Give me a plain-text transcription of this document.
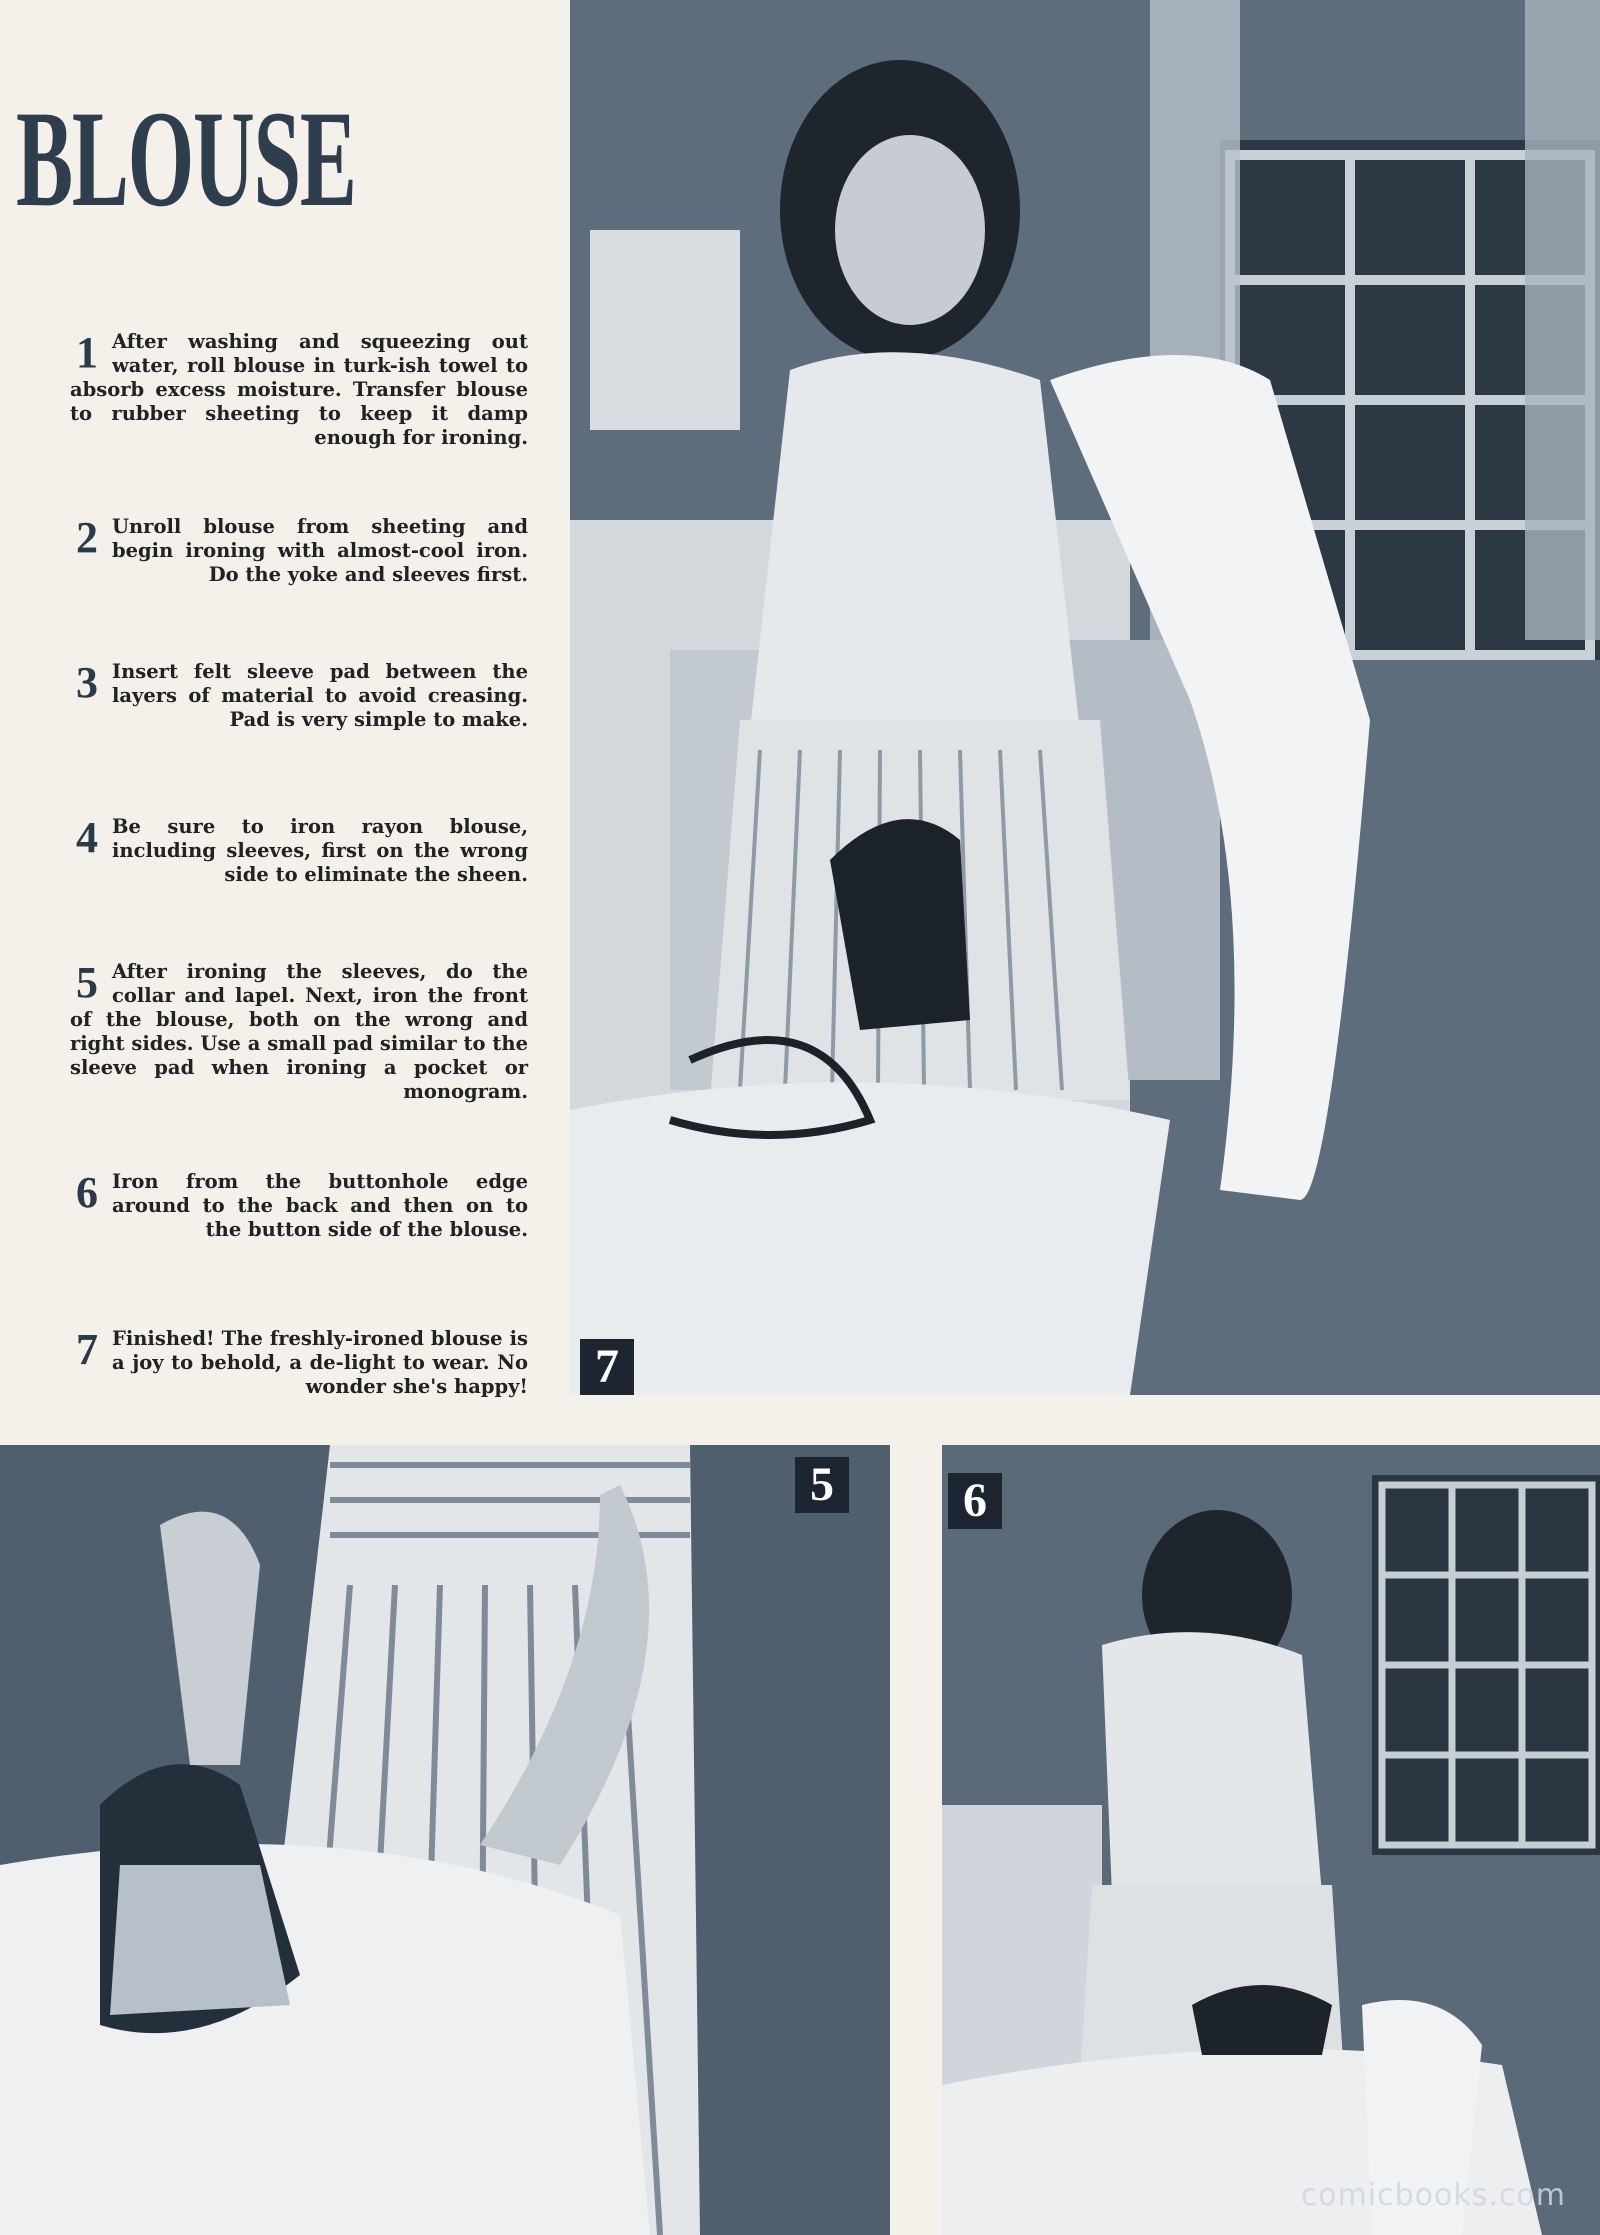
BLOUSE
1 After washing and squeezing out water, roll blouse in turk-ish towel to absorb excess moisture. Transfer blouse to rubber sheeting to keep it damp enough for ironing.
2 Unroll blouse from sheeting and begin ironing with almost-cool iron. Do the yoke and sleeves first.
3 Insert felt sleeve pad between the layers of material to avoid creasing. Pad is very simple to make.
4 Be sure to iron rayon blouse, including sleeves, first on the wrong side to eliminate the sheen.
5 After ironing the sleeves, do the collar and lapel. Next, iron the front of the blouse, both on the wrong and right sides. Use a small pad similar to the sleeve pad when ironing a pocket or monogram.
6 Iron from the buttonhole edge around to the back and then on to the button side of the blouse.
7 Finished! The freshly-ironed blouse is a joy to behold, a de-light to wear. No wonder she's happy!	7
5	6
comicbooks.com
